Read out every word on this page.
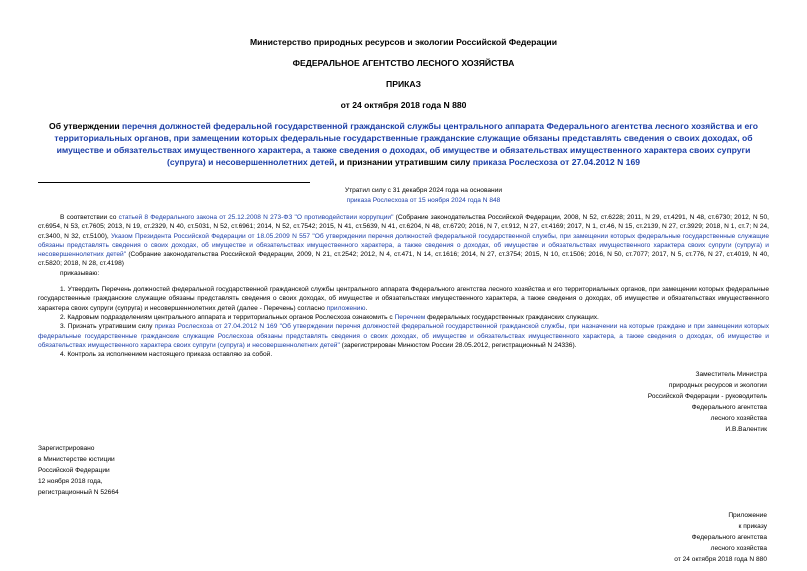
Министерство природных ресурсов и экологии Российской Федерации
ФЕДЕРАЛЬНОЕ АГЕНТСТВО ЛЕСНОГО ХОЗЯЙСТВА
ПРИКАЗ
от 24 октября 2018 года N 880
Об утверждении перечня должностей федеральной государственной гражданской службы центрального аппарата Федерального агентства лесного хозяйства и его территориальных органов, при замещении которых федеральные государственные гражданские служащие обязаны представлять сведения о своих доходах, об имуществе и обязательствах имущественного характера, а также сведения о доходах, об имуществе и обязательствах имущественного характера своих супруги (супруга) и несовершеннолетних детей, и признании утратившим силу приказа Рослесхоза от 27.04.2012 N 169
Утратил силу с 31 декабря 2024 года на основании
приказа Рослесхоза от 15 ноября 2024 года N 848

В соответствии со статьей 8 Федерального закона от 25.12.2008 N 273-ФЗ "О противодействии коррупции" (Собрание законодательства Российской Федерации, 2008, N 52, ст.6228; 2011, N 29, ст.4291, N 48, ст.6730; 2012, N 50, ст.6954, N 53, ст.7605; 2013, N 19, ст.2329, N 40, ст.5031, N 52, ст.6961; 2014, N 52, ст.7542; 2015, N 41, ст.5639, N 41, ст.6204, N 48, ст.6720; 2016, N 7, ст.912, N 27, ст.4169; 2017, N 1, ст.46, N 15, ст.2139, N 27, ст.3929; 2018, N 1, ст.7; N 24, ст.3400, N 32, ст.5100), Указом Президента Российской Федерации от 18.05.2009 N 557 "Об утверждении перечня должностей федеральной государственной службы, при замещении которых федеральные государственные служащие обязаны представлять сведения о своих доходах, об имуществе и обязательствах имущественного характера, а также сведения о доходах, об имуществе и обязательствах имущественного характера своих супруги (супруга) и несовершеннолетних детей" (Собрание законодательства Российской Федерации, 2009, N 21, ст.2542; 2012, N 4, ст.471, N 14, ст.1616; 2014, N 27, ст.3754; 2015, N 10, ст.1506; 2016, N 50, ст.7077; 2017, N 5, ст.776, N 27, ст.4019, N 40, ст.5820; 2018, N 28, ст.4198)

приказываю:

1. Утвердить Перечень должностей федеральной государственной гражданской службы центрального аппарата Федерального агентства лесного хозяйства и его территориальных органов, при замещении которых федеральные государственные гражданские служащие обязаны представлять сведения о своих доходах, об имуществе и обязательствах имущественного характера, а также сведения о доходах, об имуществе и обязательствах имущественного характера своих супруги (супруга) и несовершеннолетних детей (далее - Перечень) согласно приложению.

2. Кадровым подразделениям центрального аппарата и территориальных органов Рослесхоза ознакомить с Перечнем федеральных государственных гражданских служащих.

3. Признать утратившим силу приказ Рослесхоза от 27.04.2012 N 169 "Об утверждении перечня должностей федеральной государственной гражданской службы, при назначении на которые граждане и при замещении которых федеральные государственные гражданские служащие Рослесхоза обязаны представлять сведения о своих доходах, об имуществе и обязательствах имущественного характера, а также сведения о доходах, об имуществе и обязательствах имущественного характера своих супруги (супруга) и несовершеннолетних детей" (зарегистрирован Минюстом России 28.05.2012, регистрационный N 24336).

4. Контроль за исполнением настоящего приказа оставляю за собой.

Заместитель Министра
природных ресурсов и экологии
Российской Федерации - руководитель
Федерального агентства
лесного хозяйства
И.В.Валентик
Зарегистрировано
в Министерстве юстиции
Российской Федерации
12 ноября 2018 года,
регистрационный N 52664
Приложение
к приказу
Федерального агентства
лесного хозяйства
от 24 октября 2018 года N 880
